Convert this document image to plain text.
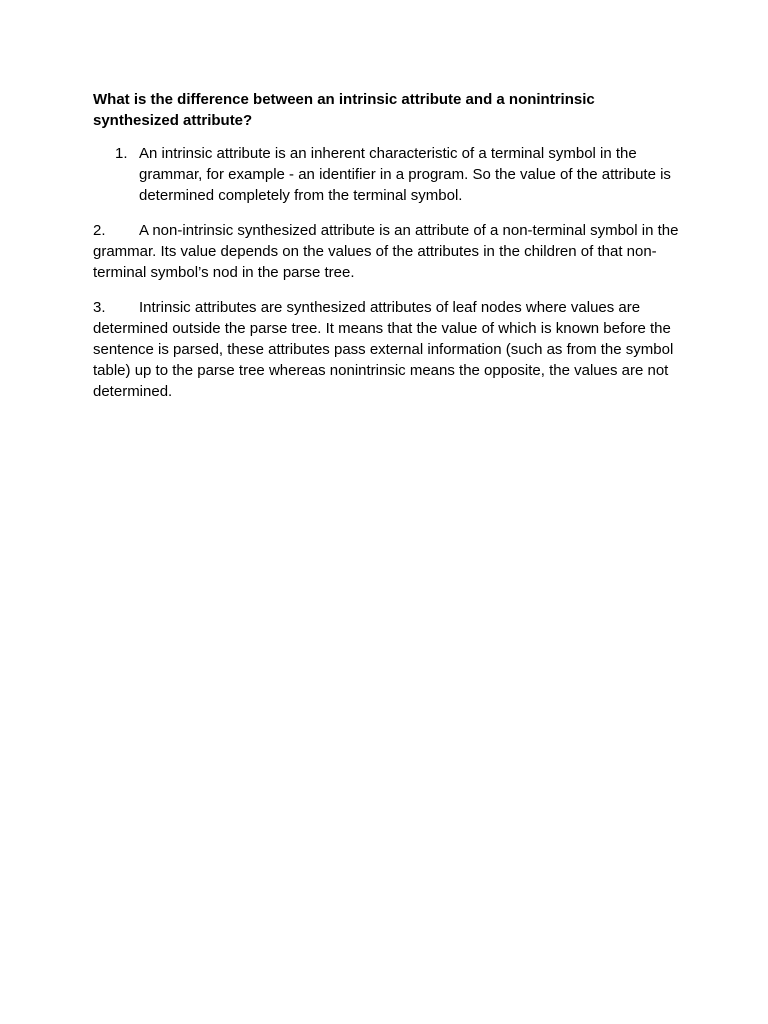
What is the difference between an intrinsic attribute and a nonintrinsic synthesized attribute?

1. An intrinsic attribute is an inherent characteristic of a terminal symbol in the grammar, for example - an identifier in a program. So the value of the attribute is determined completely from the terminal symbol.
2. A non-intrinsic synthesized attribute is an attribute of a non-terminal symbol in the grammar. Its value depends on the values of the attributes in the children of that non-terminal symbol’s nod in the parse tree.
3. Intrinsic attributes are synthesized attributes of leaf nodes where values are determined outside the parse tree. It means that the value of which is known before the sentence is parsed, these attributes pass external information (such as from the symbol table) up to the parse tree whereas nonintrinsic means the opposite, the values are not determined.
